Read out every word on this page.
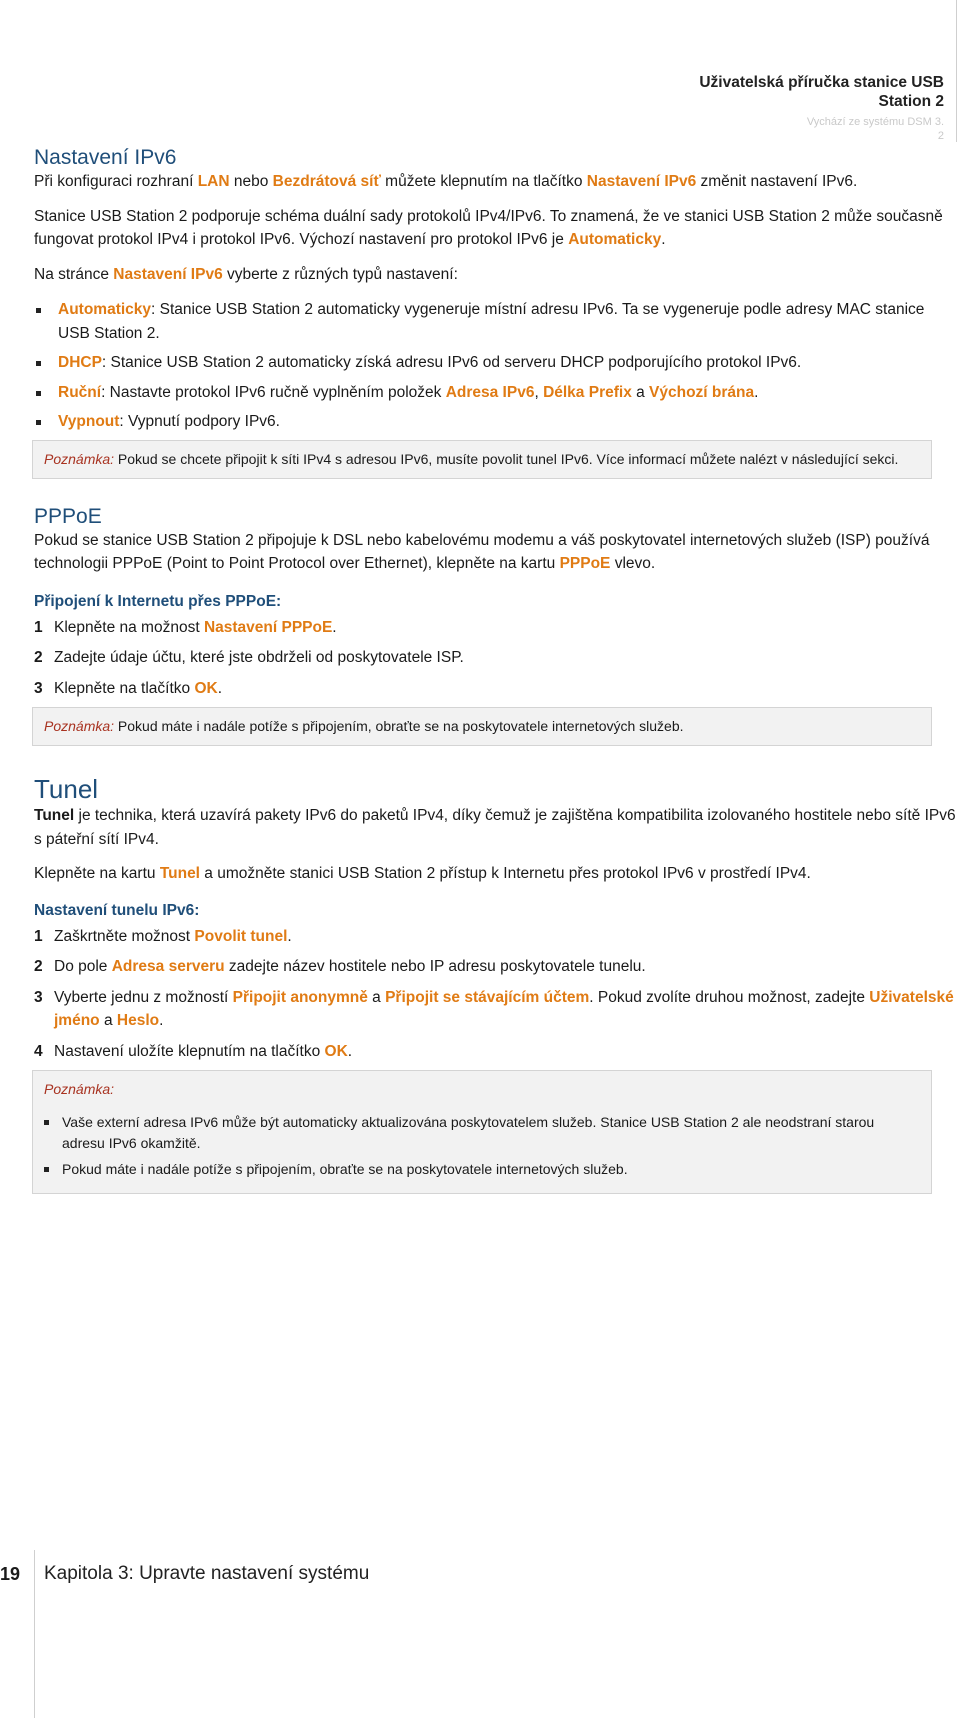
Uživatelská příručka stanice USB
Station 2
Vychází ze systému DSM 3.
2
Nastavení IPv6

Při konfiguraci rozhraní LAN nebo Bezdrátová síť můžete klepnutím na tlačítko Nastavení IPv6 změnit nastavení IPv6.

Stanice USB Station 2 podporuje schéma duální sady protokolů IPv4/IPv6. To znamená, že ve stanici USB Station 2 může současně fungovat protokol IPv4 i protokol IPv6. Výchozí nastavení pro protokol IPv6 je Automaticky.

Na stránce Nastavení IPv6 vyberte z různých typů nastavení:

Automaticky: Stanice USB Station 2 automaticky vygeneruje místní adresu IPv6. Ta se vygeneruje podle adresy MAC stanice USB Station 2.
DHCP: Stanice USB Station 2 automaticky získá adresu IPv6 od serveru DHCP podporujícího protokol IPv6.
Ruční: Nastavte protokol IPv6 ručně vyplněním položek Adresa IPv6, Délka Prefix a Výchozí brána.
Vypnout: Vypnutí podpory IPv6.
Poznámka: Pokud se chcete připojit k síti IPv4 s adresou IPv6, musíte povolit tunel IPv6. Více informací můžete nalézt v následující sekci.
PPPoE

Pokud se stanice USB Station 2 připojuje k DSL nebo kabelovému modemu a váš poskytovatel internetových služeb (ISP) používá technologii PPPoE (Point to Point Protocol over Ethernet), klepněte na kartu PPPoE vlevo.

Připojení k Internetu přes PPPoE:
1 Klepněte na možnost Nastavení PPPoE.
2 Zadejte údaje účtu, které jste obdrželi od poskytovatele ISP.
3 Klepněte na tlačítko OK.
Poznámka: Pokud máte i nadále potíže s připojením, obraťte se na poskytovatele internetových služeb.
Tunel

Tunel je technika, která uzavírá pakety IPv6 do paketů IPv4, díky čemuž je zajištěna kompatibilita izolovaného hostitele nebo sítě IPv6 s páteřní sítí IPv4.

Klepněte na kartu Tunel a umožněte stanici USB Station 2 přístup k Internetu přes protokol IPv6 v prostředí IPv4.

Nastavení tunelu IPv6:
1 Zaškrtněte možnost Povolit tunel.
2 Do pole Adresa serveru zadejte název hostitele nebo IP adresu poskytovatele tunelu.
3 Vyberte jednu z možností Připojit anonymně a Připojit se stávajícím účtem. Pokud zvolíte druhou možnost, zadejte Uživatelské jméno a Heslo.
4 Nastavení uložíte klepnutím na tlačítko OK.
Poznámka:
Vaše externí adresa IPv6 může být automaticky aktualizována poskytovatelem služeb. Stanice USB Station 2 ale neodstraní starou adresu IPv6 okamžitě.
Pokud máte i nadále potíže s připojením, obraťte se na poskytovatele internetových služeb.
19 Kapitola 3: Upravte nastavení systému
